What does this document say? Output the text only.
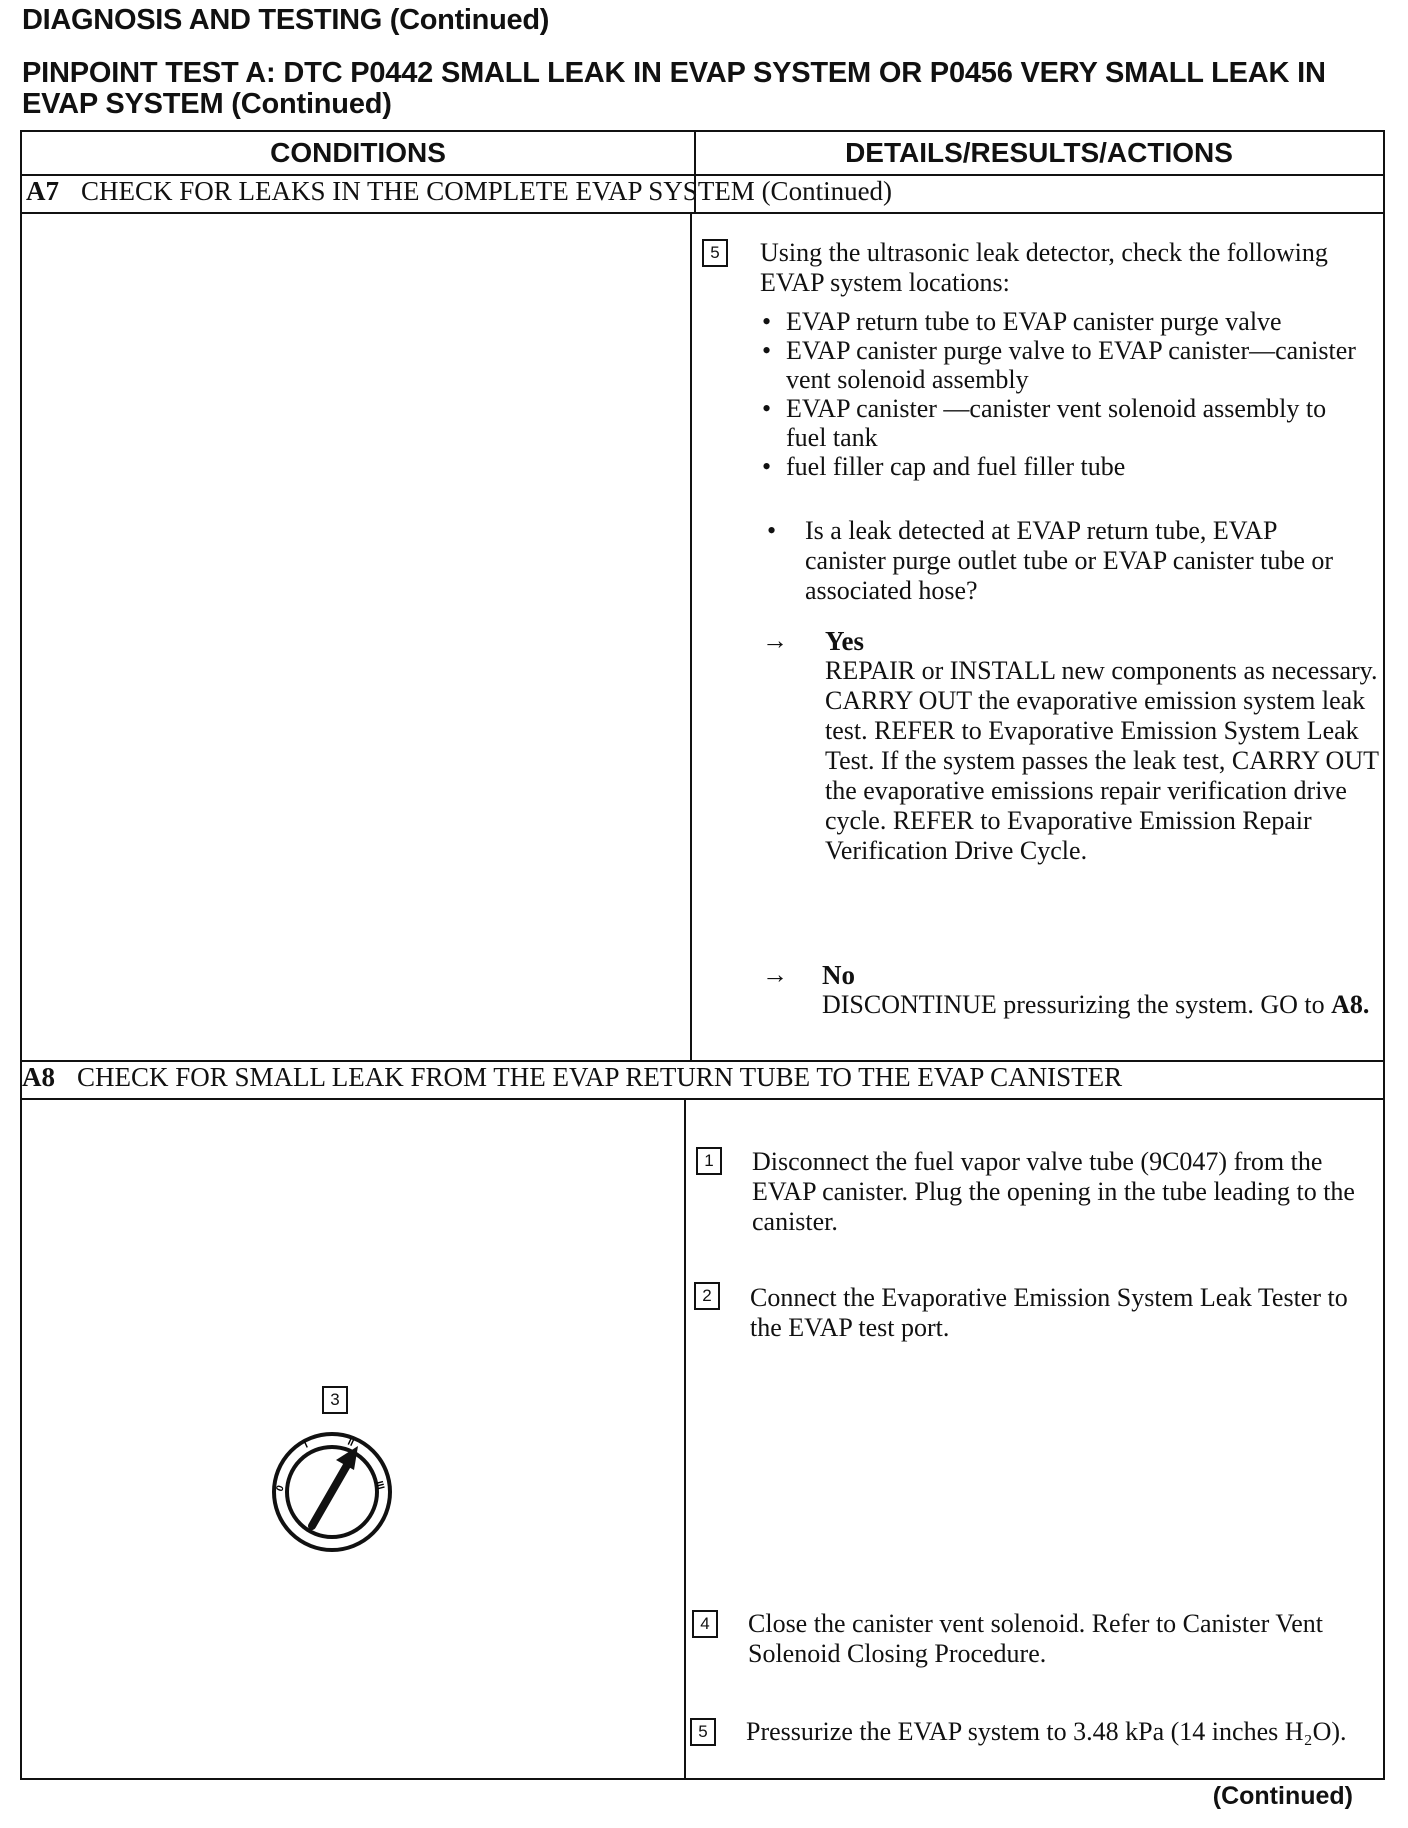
DIAGNOSIS AND TESTING (Continued)
PINPOINT TEST A: DTC P0442 SMALL LEAK IN EVAP SYSTEM OR P0456 VERY SMALL LEAK IN EVAP SYSTEM (Continued)
CONDITIONS	DETAILS/RESULTS/ACTIONS
A7 CHECK FOR LEAKS IN THE COMPLETE EVAP SYSTEM (Continued)
5	Using the ultrasonic leak detector, check the following EVAP system locations:
• EVAP return tube to EVAP canister purge valve
• EVAP canister purge valve to EVAP canister—canister vent solenoid assembly
• EVAP canister —canister vent solenoid assembly to fuel tank
• fuel filler cap and fuel filler tube
• Is a leak detected at EVAP return tube, EVAP canister purge outlet tube or EVAP canister tube or associated hose?
→ Yes
REPAIR or INSTALL new components as necessary. CARRY OUT the evaporative emission system leak test. REFER to Evaporative Emission System Leak Test. If the system passes the leak test, CARRY OUT the evaporative emissions repair verification drive cycle. REFER to Evaporative Emission Repair Verification Drive Cycle.
→ No
DISCONTINUE pressurizing the system. GO to A8.
A8 CHECK FOR SMALL LEAK FROM THE EVAP RETURN TUBE TO THE EVAP CANISTER
1	Disconnect the fuel vapor valve tube (9C047) from the EVAP canister. Plug the opening in the tube leading to the canister.
2	Connect the Evaporative Emission System Leak Tester to the EVAP test port.
4	Close the canister vent solenoid. Refer to Canister Vent Solenoid Closing Procedure.
5	Pressurize the EVAP system to 3.48 kPa (14 inches H₂O).
3
0
I	II
III
(Continued)
